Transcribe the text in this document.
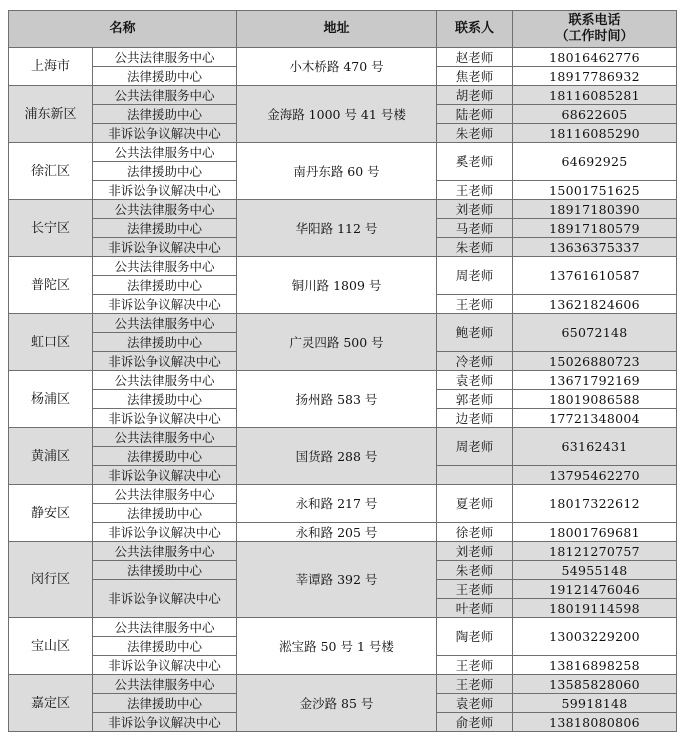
名称		地址	联系人	联系电话
（工作时间）

上海市	公共法律服务中心	小木桥路 470 号	赵老师	18016462776
	法律援助中心		焦老师	18917786932
浦东新区	公共法律服务中心	金海路 1000 号 41 号楼	胡老师	18116085281
	法律援助中心		陆老师	68622605
	非诉讼争议解决中心		朱老师	18116085290
徐汇区	公共法律服务中心	南丹东路 60 号	奚老师	64692925
	法律援助中心			
	非诉讼争议解决中心		王老师	15001751625
长宁区	公共法律服务中心	华阳路 112 号	刘老师	18917180390
	法律援助中心		马老师	18917180579
	非诉讼争议解决中心		朱老师	13636375337
普陀区	公共法律服务中心	铜川路 1809 号	周老师	13761610587
	法律援助中心			
	非诉讼争议解决中心		王老师	13621824606
虹口区	公共法律服务中心	广灵四路 500 号	鲍老师	65072148
	法律援助中心			
	非诉讼争议解决中心		冷老师	15026880723
杨浦区	公共法律服务中心	扬州路 583 号	袁老师	13671792169
	法律援助中心		郭老师	18019086588
	非诉讼争议解决中心		边老师	17721348004
黄浦区	公共法律服务中心	国货路 288 号	周老师	63162431
	法律援助中心			
	非诉讼争议解决中心			13795462270
静安区	公共法律服务中心	永和路 217 号	夏老师	18017322612
	法律援助中心			
	非诉讼争议解决中心	永和路 205 号	徐老师	18001769681
闵行区	公共法律服务中心	莘谭路 392 号	刘老师	18121270757
	法律援助中心		朱老师	54955148
	非诉讼争议解决中心		王老师	19121476046
			叶老师	18019114598
宝山区	公共法律服务中心	淞宝路 50 号 1 号楼	陶老师	13003229200
	法律援助中心			
	非诉讼争议解决中心		王老师	13816898258
嘉定区	公共法律服务中心	金沙路 85 号	王老师	13585828060
	法律援助中心		袁老师	59918148
	非诉讼争议解决中心		俞老师	13818080806
